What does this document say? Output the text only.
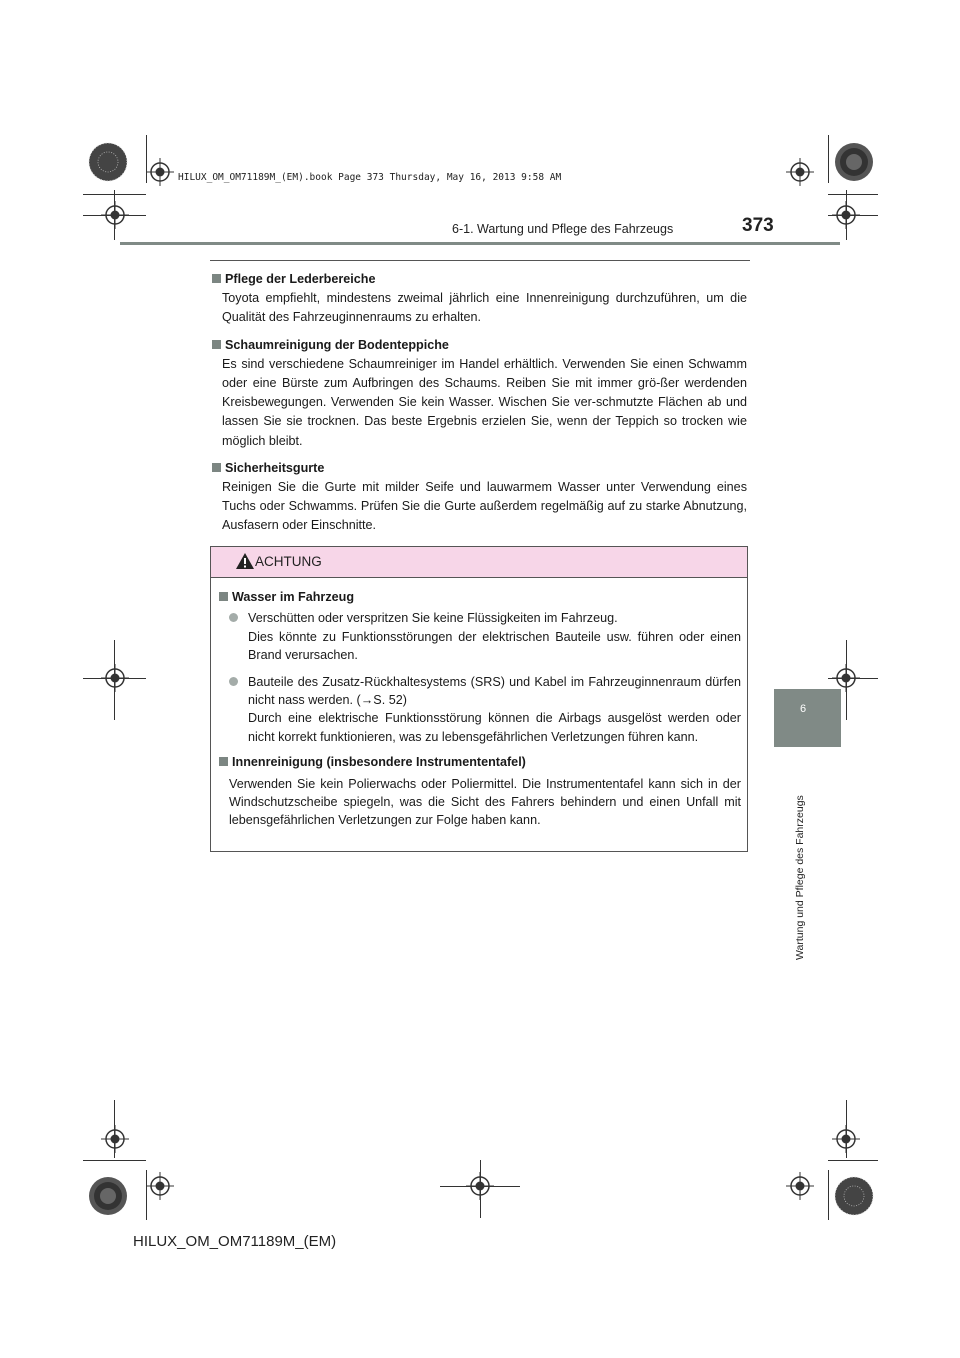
HILUX_OM_OM71189M_(EM).book Page 373 Thursday, May 16, 2013 9:58 AM
6-1. Wartung und Pflege des Fahrzeugs	373
Pflege der Lederbereiche
Toyota empfiehlt, mindestens zweimal jährlich eine Innenreinigung durchzuführen, um die Qualität des Fahrzeuginnenraums zu erhalten.
Schaumreinigung der Bodenteppiche
Es sind verschiedene Schaumreiniger im Handel erhältlich. Verwenden Sie einen Schwamm oder eine Bürste zum Aufbringen des Schaums. Reiben Sie mit immer grö-ßer werdenden Kreisbewegungen. Verwenden Sie kein Wasser. Wischen Sie ver-schmutzte Flächen ab und lassen Sie sie trocknen. Das beste Ergebnis erzielen Sie, wenn der Teppich so trocken wie möglich bleibt.
Sicherheitsgurte
Reinigen Sie die Gurte mit milder Seife und lauwarmem Wasser unter Verwendung eines Tuchs oder Schwamms. Prüfen Sie die Gurte außerdem regelmäßig auf zu starke Abnutzung, Ausfasern oder Einschnitte.
ACHTUNG
Wasser im Fahrzeug
Verschütten oder verspritzen Sie keine Flüssigkeiten im Fahrzeug.
Dies könnte zu Funktionsstörungen der elektrischen Bauteile usw. führen oder einen Brand verursachen.
Bauteile des Zusatz-Rückhaltesystems (SRS) und Kabel im Fahrzeuginnenraum dürfen nicht nass werden. (→S. 52)
Durch eine elektrische Funktionsstörung können die Airbags ausgelöst werden oder nicht korrekt funktionieren, was zu lebensgefährlichen Verletzungen führen kann.
Innenreinigung (insbesondere Instrumententafel)
Verwenden Sie kein Polierwachs oder Poliermittel. Die Instrumententafel kann sich in der Windschutzscheibe spiegeln, was die Sicht des Fahrers behindern und einen Unfall mit lebensgefährlichen Verletzungen zur Folge haben kann.
6
Wartung und Pflege des Fahrzeugs
HILUX_OM_OM71189M_(EM)
